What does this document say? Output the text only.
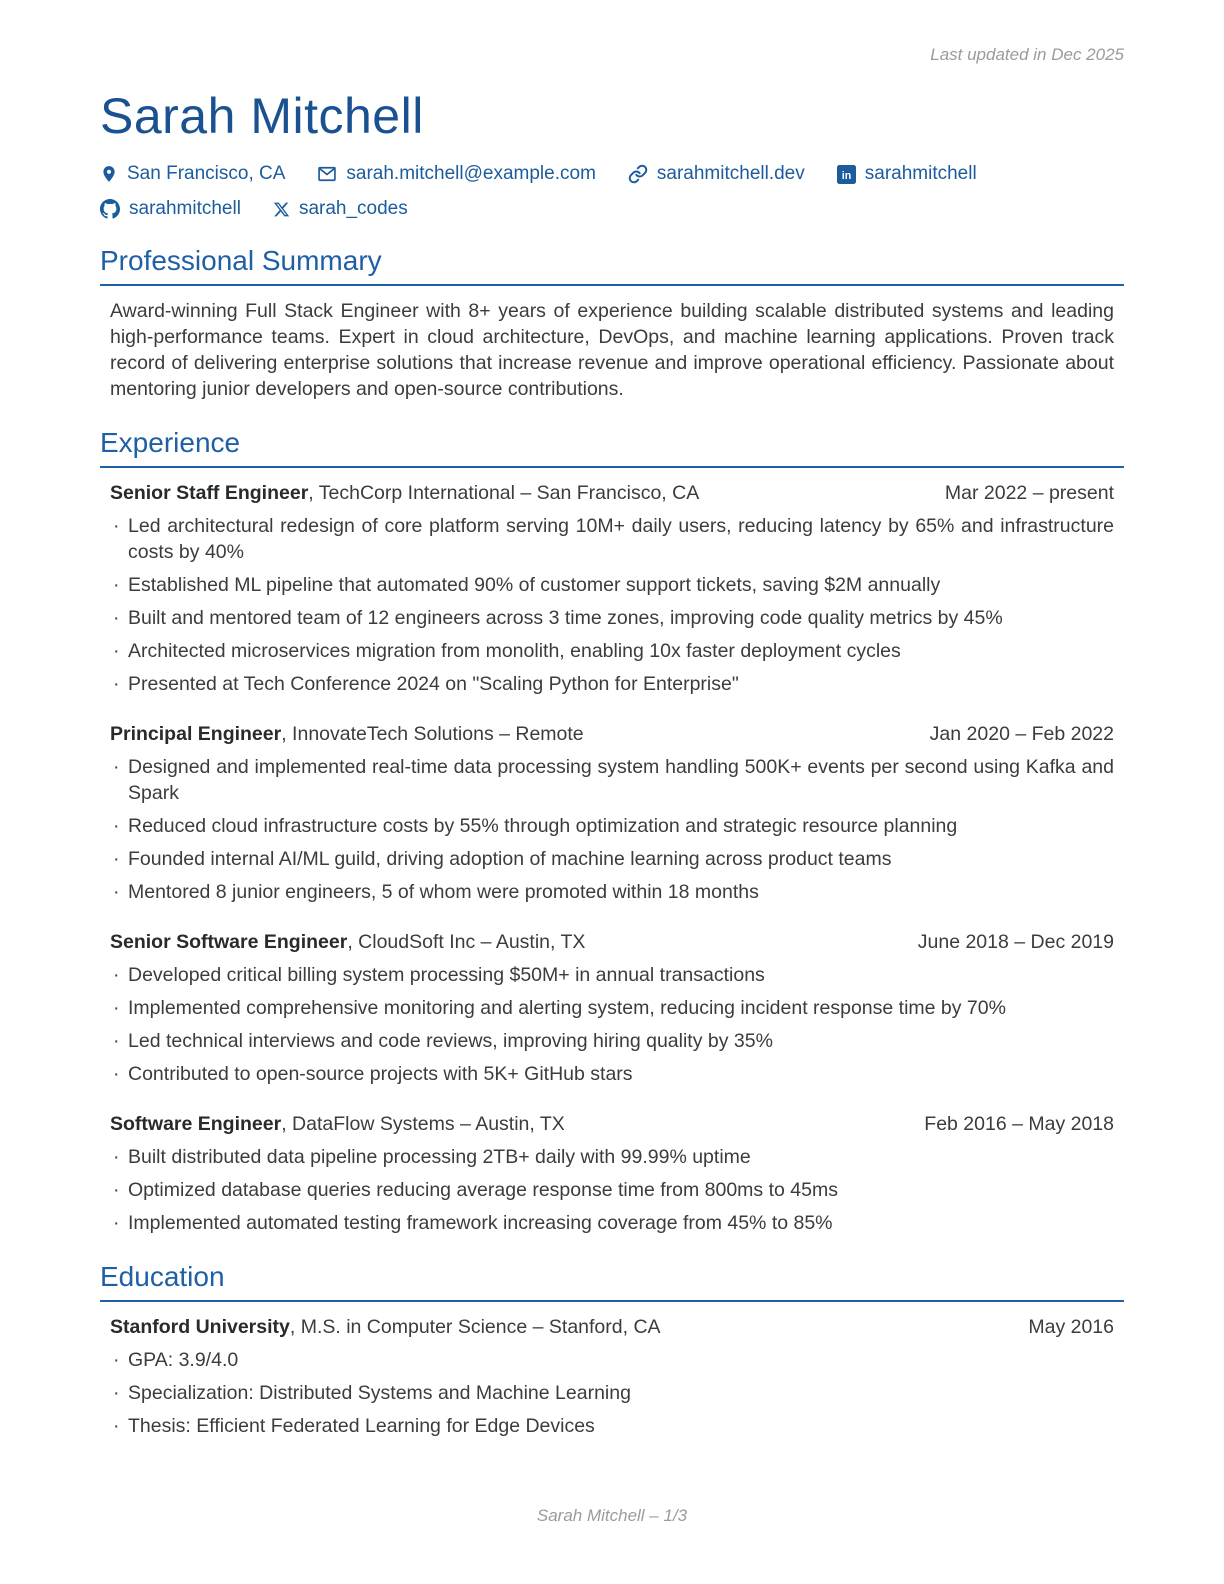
Last updated in Dec 2025
Sarah Mitchell
San Francisco, CA	sarah.mitchell@example.com	sarahmitchell.dev	in sarahmitchell
sarahmitchell	sarah_codes
Professional Summary

Award-winning Full Stack Engineer with 8+ years of experience building scalable distributed systems and leading high-performance teams. Expert in cloud architecture, DevOps, and machine learning applications. Proven track record of delivering enterprise solutions that increase revenue and improve operational efficiency. Passionate about mentoring junior developers and open-source contributions.

Experience
Senior Staff Engineer, TechCorp International – San Francisco, CA	Mar 2022 – present
· Led architectural redesign of core platform serving 10M+ daily users, reducing latency by 65% and infrastructure costs by 40%
· Established ML pipeline that automated 90% of customer support tickets, saving $2M annually
· Built and mentored team of 12 engineers across 3 time zones, improving code quality metrics by 45%
· Architected microservices migration from monolith, enabling 10x faster deployment cycles
· Presented at Tech Conference 2024 on "Scaling Python for Enterprise"
Principal Engineer, InnovateTech Solutions – Remote	Jan 2020 – Feb 2022
· Designed and implemented real-time data processing system handling 500K+ events per second using Kafka and Spark
· Reduced cloud infrastructure costs by 55% through optimization and strategic resource planning
· Founded internal AI/ML guild, driving adoption of machine learning across product teams
· Mentored 8 junior engineers, 5 of whom were promoted within 18 months
Senior Software Engineer, CloudSoft Inc – Austin, TX	June 2018 – Dec 2019
· Developed critical billing system processing $50M+ in annual transactions
· Implemented comprehensive monitoring and alerting system, reducing incident response time by 70%
· Led technical interviews and code reviews, improving hiring quality by 35%
· Contributed to open-source projects with 5K+ GitHub stars
Software Engineer, DataFlow Systems – Austin, TX	Feb 2016 – May 2018
· Built distributed data pipeline processing 2TB+ daily with 99.99% uptime
· Optimized database queries reducing average response time from 800ms to 45ms
· Implemented automated testing framework increasing coverage from 45% to 85%
Education
Stanford University, M.S. in Computer Science – Stanford, CA	May 2016
· GPA: 3.9/4.0
· Specialization: Distributed Systems and Machine Learning
· Thesis: Efficient Federated Learning for Edge Devices
Sarah Mitchell – 1/3
